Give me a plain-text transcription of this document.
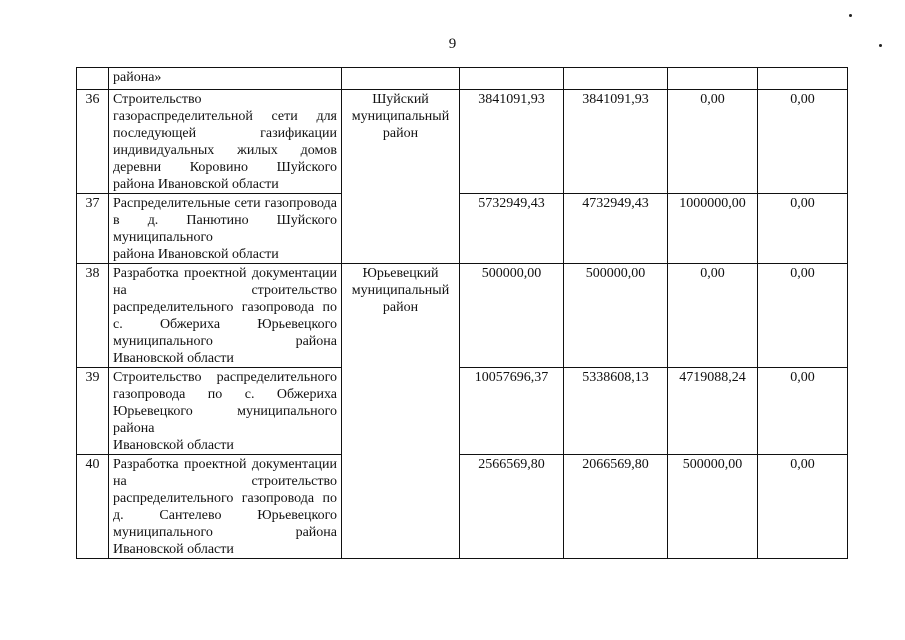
9
	района»					
36	Строительство газораспределительной сети для последующей газификации индивидуальных жилых домов деревни Коровино Шуйского
района Ивановской области	Шуйский муниципальный район	3841091,93	3841091,93	0,00	0,00
37	Распределительные сети газопровода в д. Панютино Шуйского муниципального
района Ивановской области		5732949,43	4732949,43	1000000,00	0,00
38	Разработка проектной документации на строительство распределительного газопровода по с. Обжериха Юрьевецкого муниципального района
Ивановской области	Юрьевецкий муниципальный район	500000,00	500000,00	0,00	0,00
39	Строительство распределительного газопровода по с. Обжериха Юрьевецкого муниципального района
Ивановской области		10057696,37	5338608,13	4719088,24	0,00
40	Разработка проектной документации на строительство распределительного газопровода по д. Сантелево Юрьевецкого муниципального района
Ивановской области		2566569,80	2066569,80	500000,00	0,00
